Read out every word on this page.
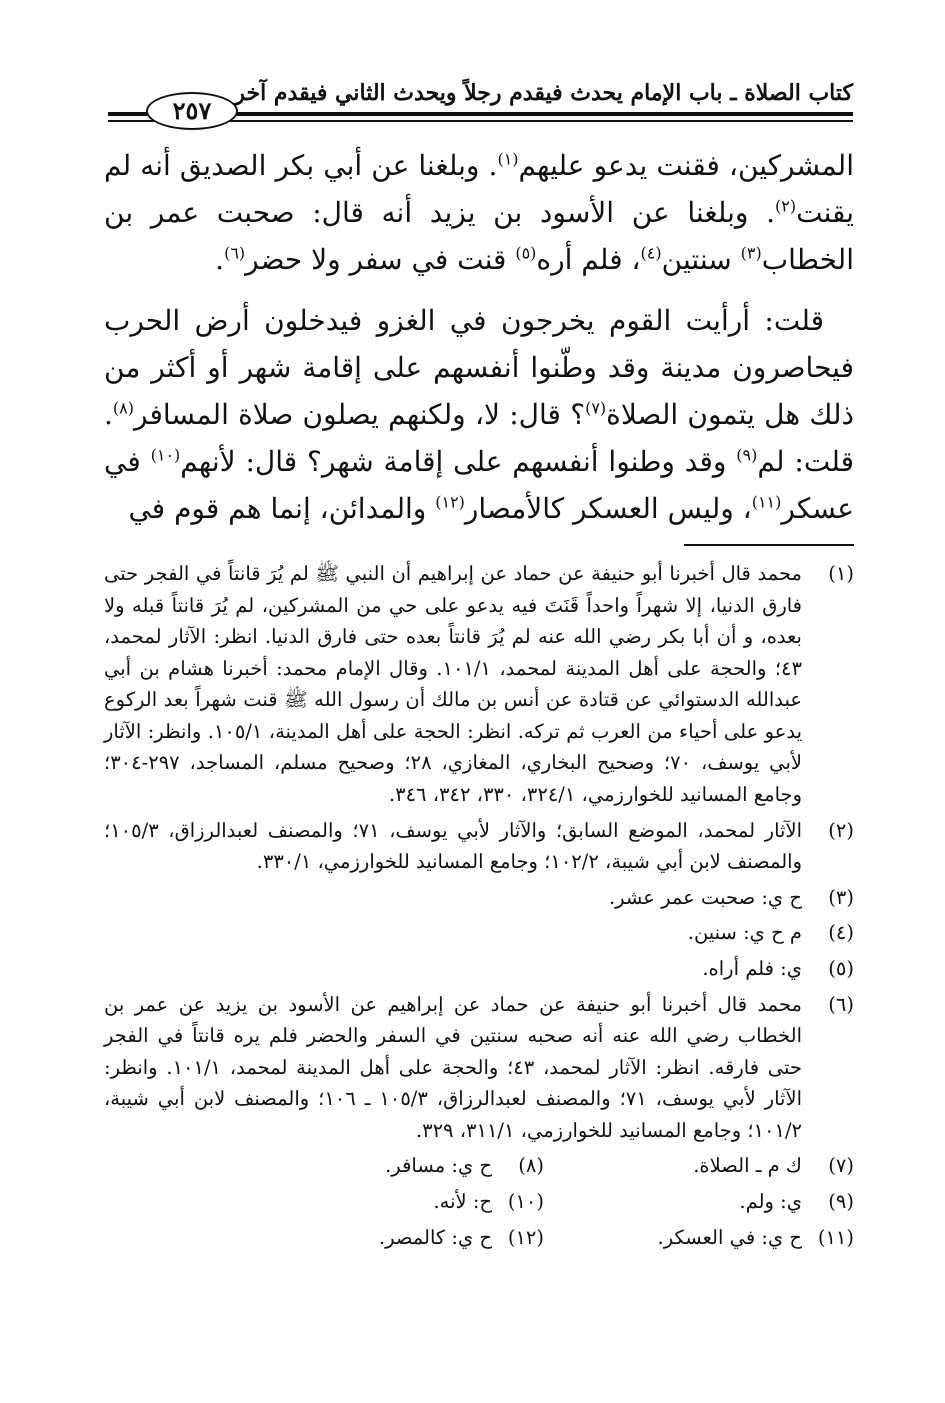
كتاب الصلاة ـ باب الإمام يحدث فيقدم رجلاً ويحدث الثاني فيقدم آخر
٢٥٧

المشركين، فقنت يدعو عليهم$^{(١)}$. وبلغنا عن أبي بكر الصديق أنه لم يقنت$^{(٢)}$. وبلغنا عن الأسود بن يزيد أنه قال: صحبت عمر بن الخطاب$^{(٣)}$ سنتين$^{(٤)}$، فلم أره$^{(٥)}$ قنت في سفر ولا حضر$^{(٦)}$.

قلت: أرأيت القوم يخرجون في الغزو فيدخلون أرض الحرب فيحاصرون مدينة وقد وطّنوا أنفسهم على إقامة شهر أو أكثر من ذلك هل يتمون الصلاة$^{(٧)}$؟ قال: لا، ولكنهم يصلون صلاة المسافر$^{(٨)}$. قلت: لم$^{(٩)}$ وقد وطنوا أنفسهم على إقامة شهر؟ قال: لأنهم$^{(١٠)}$ في عسكر$^{(١١)}$، وليس العسكر كالأمصار$^{(١٢)}$ والمدائن، إنما هم قوم في

(١)
محمد قال أخبرنا أبو حنيفة عن حماد عن إبراهيم أن النبي ﷺ لم يُرَ قانتاً في الفجر حتى فارق الدنيا، إلا شهراً واحداً قَنَتَ فيه يدعو على حي من المشركين، لم يُرَ قانتاً قبله ولا بعده، و أن أبا بكر رضي الله عنه لم يُرَ قانتاً بعده حتى فارق الدنيا. انظر: الآثار لمحمد، ٤٣؛ والحجة على أهل المدينة لمحمد، ١٠١/١. وقال الإمام محمد: أخبرنا هشام بن أبي عبدالله الدستوائي عن قتادة عن أنس بن مالك أن رسول الله ﷺ قنت شهراً بعد الركوع يدعو على أحياء من العرب ثم تركه. انظر: الحجة على أهل المدينة، ١٠٥/١. وانظر: الآثار لأبي يوسف، ٧٠؛ وصحيح البخاري، المغازي، ٢٨؛ وصحيح مسلم، المساجد، ٢٩٧-٣٠٤؛ وجامع المسانيد للخوارزمي، ٣٢٤/١، ٣٣٠، ٣٤٢، ٣٤٦.
(٢)
الآثار لمحمد، الموضع السابق؛ والآثار لأبي يوسف، ٧١؛ والمصنف لعبدالرزاق، ١٠٥/٣؛ والمصنف لابن أبي شيبة، ١٠٢/٢؛ وجامع المسانيد للخوارزمي، ٣٣٠/١.
(٣)
ح ي: صحبت عمر عشر.
(٤)
م ح ي: سنين.
(٥)
ي: فلم أراه.
(٦)
محمد قال أخبرنا أبو حنيفة عن حماد عن إبراهيم عن الأسود بن يزيد عن عمر بن الخطاب رضي الله عنه أنه صحبه سنتين في السفر والحضر فلم يره قانتاً في الفجر حتى فارقه. انظر: الآثار لمحمد، ٤٣؛ والحجة على أهل المدينة لمحمد، ١٠١/١. وانظر: الآثار لأبي يوسف، ٧١؛ والمصنف لعبدالرزاق، ١٠٥/٣ ـ ١٠٦؛ والمصنف لابن أبي شيبة، ١٠١/٢؛ وجامع المسانيد للخوارزمي، ٣١١/١، ٣٢٩.
(٧)
ك م ـ الصلاة.
(٨)
ح ي: مسافر.
(٩)
ي: ولم.
(١٠)
ح: لأنه.
(١١)
ح ي: في العسكر.
(١٢)
ح ي: كالمصر.
